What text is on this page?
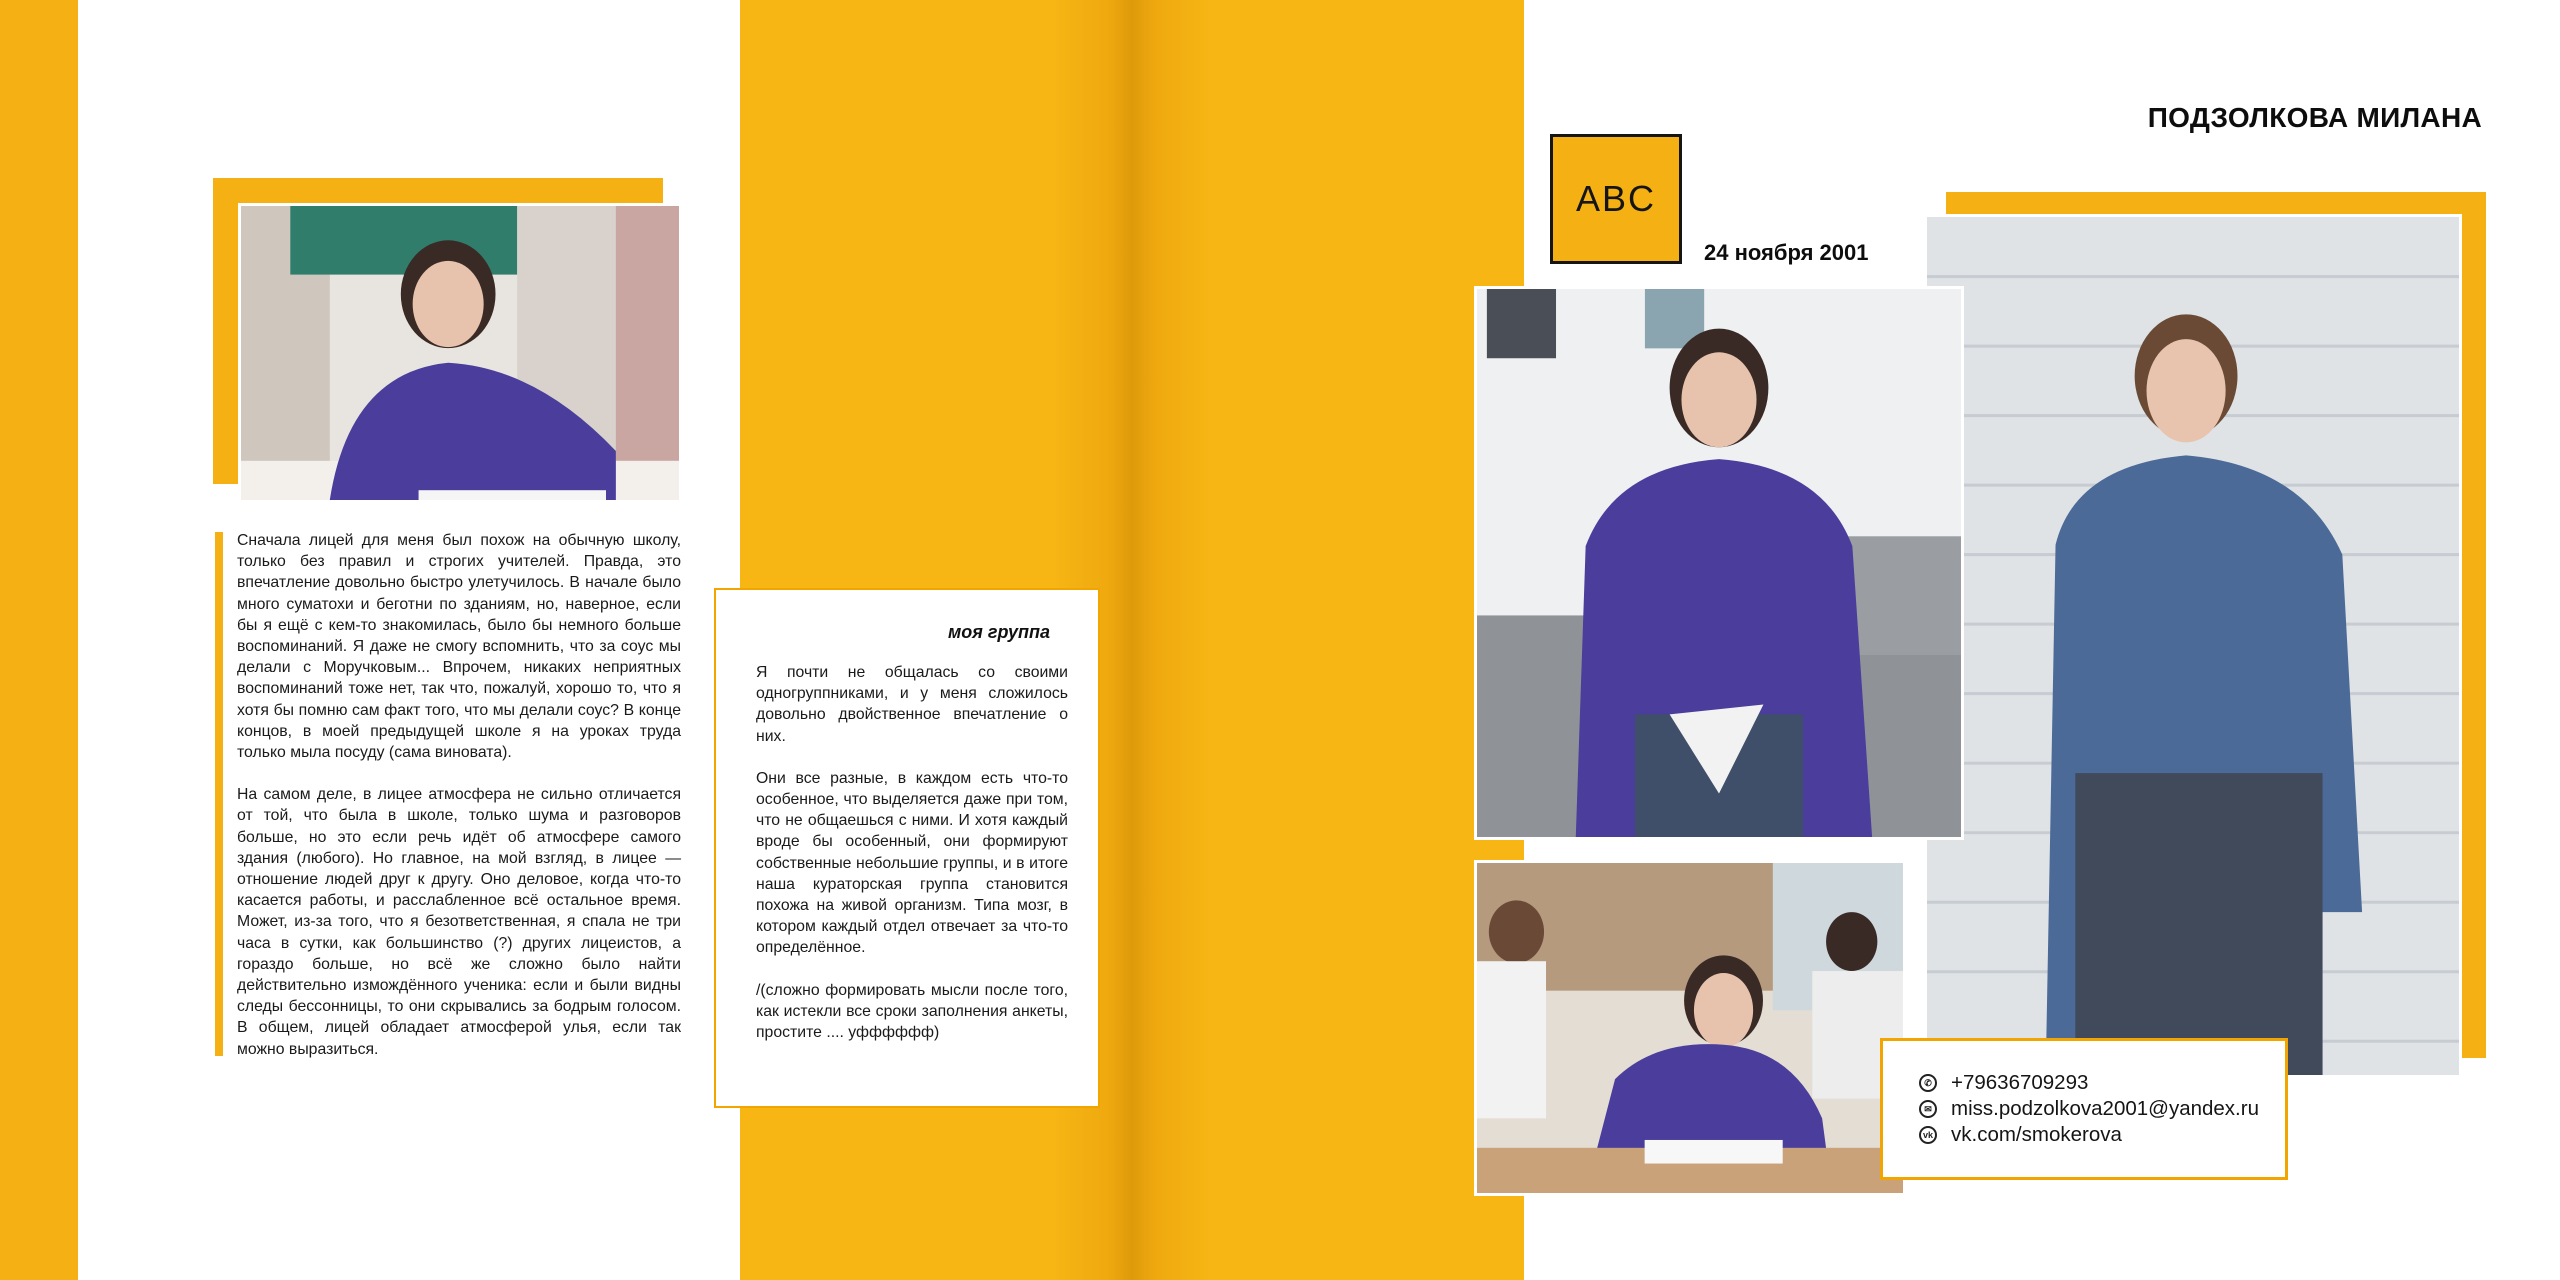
Сначала лицей для меня был похож на обычную школу, только без правил и строгих учителей. Правда, это впечатление довольно быстро улетучилось. В начале было много суматохи и беготни по зданиям, но, наверное, если бы я ещё с кем-то знакомилась, было бы немного больше воспоминаний. Я даже не смогу вспомнить, что за соус мы делали с Моручковым... Впрочем, никаких неприятных воспоминаний тоже нет, так что, пожалуй, хорошо то, что я хотя бы помню сам факт того, что мы делали соус? В конце концов, в моей предыдущей школе я на уроках труда только мыла посуду (сама виновата).

На самом деле, в лицее атмосфера не сильно отличается от той, что была в школе, только шума и разговоров больше, но это если речь идёт об атмосфере самого здания (любого). Но главное, на мой взгляд, в лицее — отношение людей друг к другу. Оно деловое, когда что-то касается работы, и расслабленное всё остальное время. Может, из-за того, что я безответственная, я спала не три часа в сутки, как большинство (?) других лицеистов, а гораздо больше, но всё же сложно было найти действительно измождённого ученика: если и были видны следы бессонницы, то они скрывались за бодрым голосом. В общем, лицей обладает атмосферой улья, если так можно выразиться.

моя группа

Я почти не общалась со своими одногруппниками, и у меня сложилось довольно двойственное впечатление о них.

Они все разные, в каждом есть что-то особенное, что выделяется даже при том, что не общаешься с ними. И хотя каждый вроде бы особенный, они формируют собственные небольшие группы, и в итоге наша кураторская группа становится похожа на живой организм. Типа мозг, в котором каждый отдел отвечает за что-то определённое.

/(сложно формировать мысли после того, как истекли все сроки заполнения анкеты, простите .... уфффффф)

ПОДЗОЛКОВА МИЛАНА
ABC
24 ноября 2001
✆ +79636709293
✉ miss.podzolkova2001@yandex.ru
vk vk.com/smokerova
